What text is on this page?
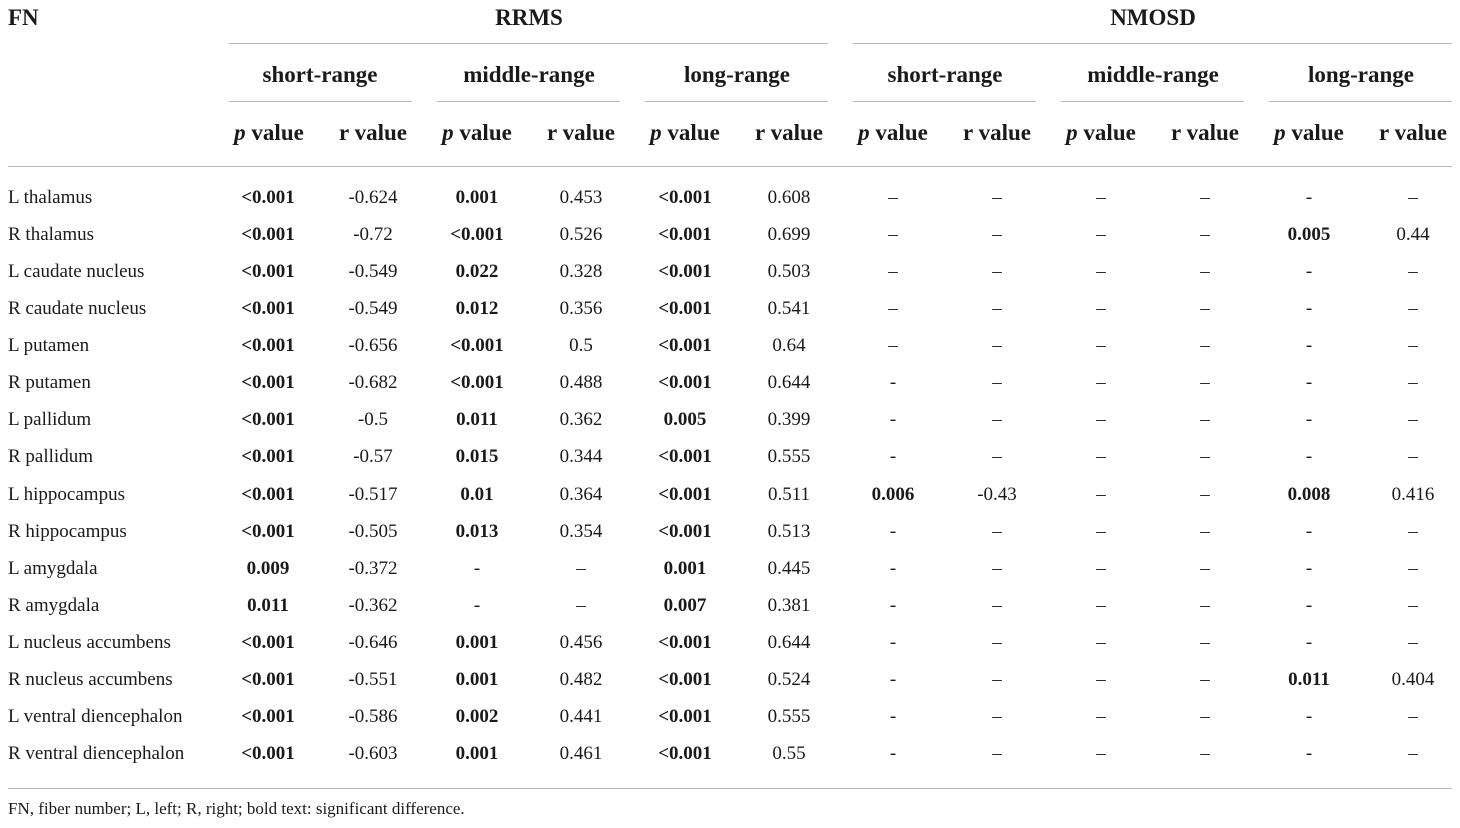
FN	RRMS	NMOSD
short-range	middle-range	long-range	short-range	middle-range	long-range
p value r value p value r value p value r value p value r value p value r value p value r value
L thalamus	<0.001	-0.624	0.001	0.453	<0.001	0.608	–	–	–	–	-	–
R thalamus	<0.001	-0.72	<0.001	0.526	<0.001	0.699	–	–	–	–	0.005	0.44
L caudate nucleus	<0.001	-0.549	0.022	0.328	<0.001	0.503	–	–	–	–	-	–
R caudate nucleus	<0.001	-0.549	0.012	0.356	<0.001	0.541	–	–	–	–	-	–
L putamen	<0.001	-0.656	<0.001	0.5	<0.001	0.64	–	–	–	–	-	–
R putamen	<0.001	-0.682	<0.001	0.488	<0.001	0.644	-	–	–	–	-	–
L pallidum	<0.001	-0.5	0.011	0.362	0.005	0.399	-	–	–	–	-	–
R pallidum	<0.001	-0.57	0.015	0.344	<0.001	0.555	-	–	–	–	-	–
L hippocampus	<0.001	-0.517	0.01	0.364	<0.001	0.511	0.006	-0.43	–	–	0.008	0.416
R hippocampus	<0.001	-0.505	0.013	0.354	<0.001	0.513	-	–	–	–	-	–
L amygdala	0.009	-0.372	-	–	0.001	0.445	-	–	–	–	-	–
R amygdala	0.011	-0.362	-	–	0.007	0.381	-	–	–	–	-	–
L nucleus accumbens	<0.001	-0.646	0.001	0.456	<0.001	0.644	-	–	–	–	-	–
R nucleus accumbens	<0.001	-0.551	0.001	0.482	<0.001	0.524	-	–	–	–	0.011	0.404
L ventral diencephalon	<0.001	-0.586	0.002	0.441	<0.001	0.555	-	–	–	–	-	–
R ventral diencephalon	<0.001	-0.603	0.001	0.461	<0.001	0.55	-	–	–	–	-	–
FN, fiber number; L, left; R, right; bold text: significant difference.
